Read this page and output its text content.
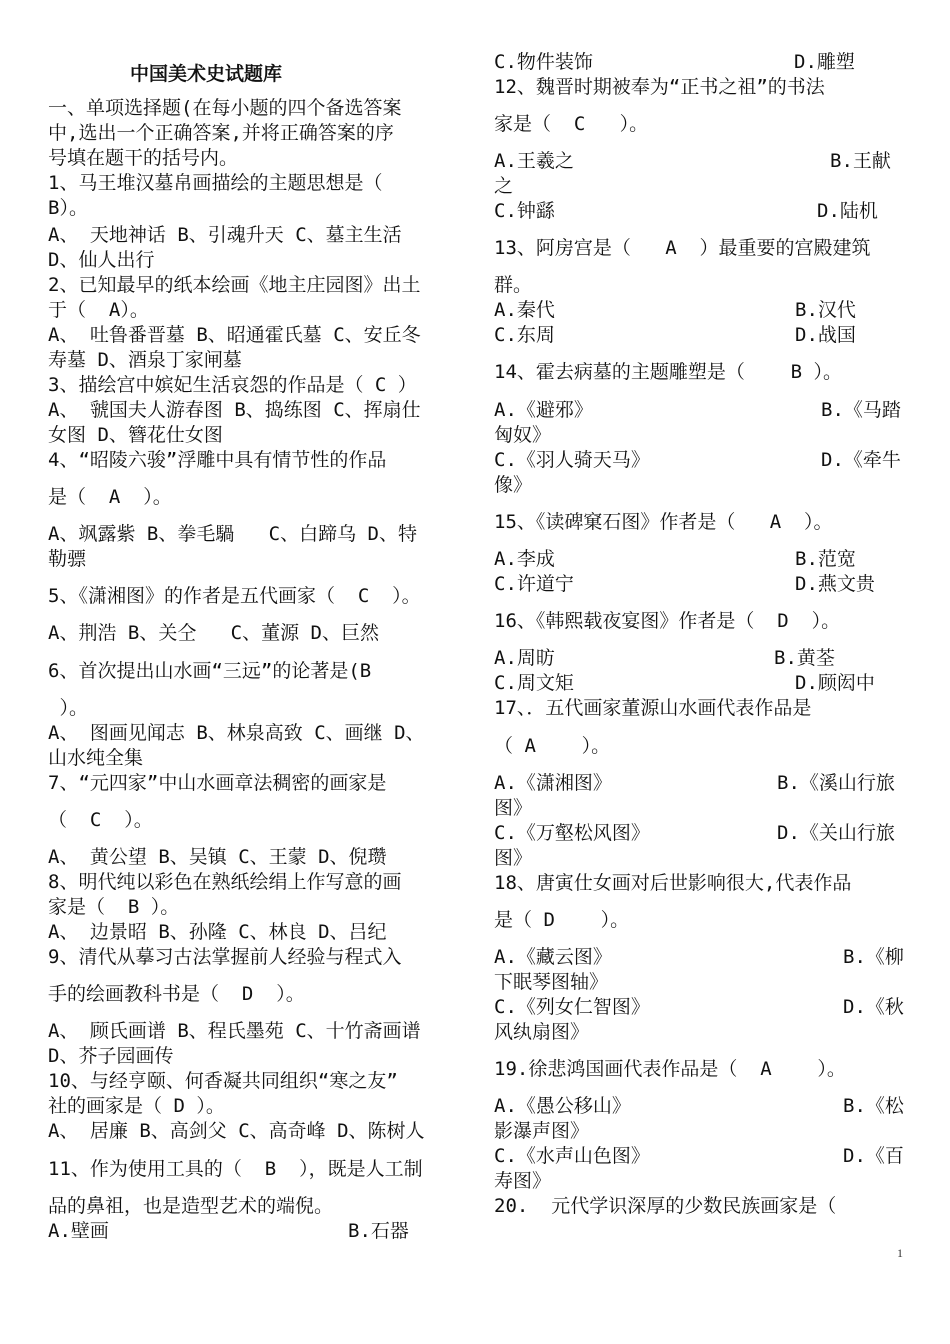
中国美术史试题库
一、单项选择题(在每小题的四个备选答案
中,选出一个正确答案,并将正确答案的序
号填在题干的括号内。
1、马王堆汉墓帛画描绘的主题思想是（
B）。
A、 天地神话 B、引魂升天 C、墓主生活
D、仙人出行
2、已知最早的纸本绘画《地主庄园图》出土
于（  A）。
A、 吐鲁番晋墓 B、昭通霍氏墓 C、安丘冬
寿墓 D、酒泉丁家闸墓
3、描绘宫中嫔妃生活哀怨的作品是（ C ）
A、 虢国夫人游春图 B、捣练图 C、挥扇仕
女图 D、簪花仕女图
4、“昭陵六骏”浮雕中具有情节性的作品
是（  A  ）。
A、飒露紫 B、拳毛騧   C、白蹄乌 D、特
勒骠
5、《潇湘图》的作者是五代画家（  C  ）。
A、荆浩 B、关仝   C、董源 D、巨然
6、首次提出山水画“三远”的论著是(B
）。
A、 图画见闻志 B、林泉高致 C、画继 D、
山水纯全集
7、“元四家”中山水画章法稠密的画家是
（  C  ）。
A、 黄公望 B、吴镇 C、王蒙 D、倪瓒
8、明代纯以彩色在熟纸绘绢上作写意的画
家是（  B ）。
A、 边景昭 B、孙隆 C、林良 D、吕纪
9、清代从摹习古法掌握前人经验与程式入
手的绘画教科书是（  D  ）。
A、 顾氏画谱 B、程氏墨苑 C、十竹斋画谱
D、芥子园画传
10、与经亨颐、何香凝共同组织“寒之友”
社的画家是（ D ）。
A、 居廉 B、高剑父 C、高奇峰 D、陈树人
11、作为使用工具的（  B  ），既是人工制
品的鼻祖，也是造型艺术的端倪。
A.壁画	B.石器
C.物件装饰	D.雕塑
12、魏晋时期被奉为“正书之祖”的书法
家是（  C   ）。
A.王羲之	B.王献
之
C.钟繇	D.陆机
13、阿房宫是（   A  ）最重要的宫殿建筑
群。
A.秦代	B.汉代
C.东周	D.战国
14、霍去病墓的主题雕塑是（    B ）。
A.《避邪》	B.《马踏
匈奴》
C.《羽人骑天马》	D.《牵牛
像》
15、《读碑窠石图》作者是（   A  ）。
A.李成	B.范宽
C.许道宁	D.燕文贵
16、《韩熙载夜宴图》作者是（  D  ）。
A.周昉	B.黄荃
C.周文矩	D.顾闳中
17、．五代画家董源山水画代表作品是
（ A    ）。
A.《潇湘图》	B.《溪山行旅
图》
C.《万壑松风图》	D.《关山行旅
图》
18、唐寅仕女画对后世影响很大,代表作品
是（ D    ）。
A.《藏云图》	B.《柳
下眠琴图轴》
C.《列女仁智图》	D.《秋
风纨扇图》
19.徐悲鸿国画代表作品是（  A    ）。
A.《愚公移山》	B.《松
影瀑声图》
C.《水声山色图》	D.《百
寿图》
20.  元代学识深厚的少数民族画家是（
1
